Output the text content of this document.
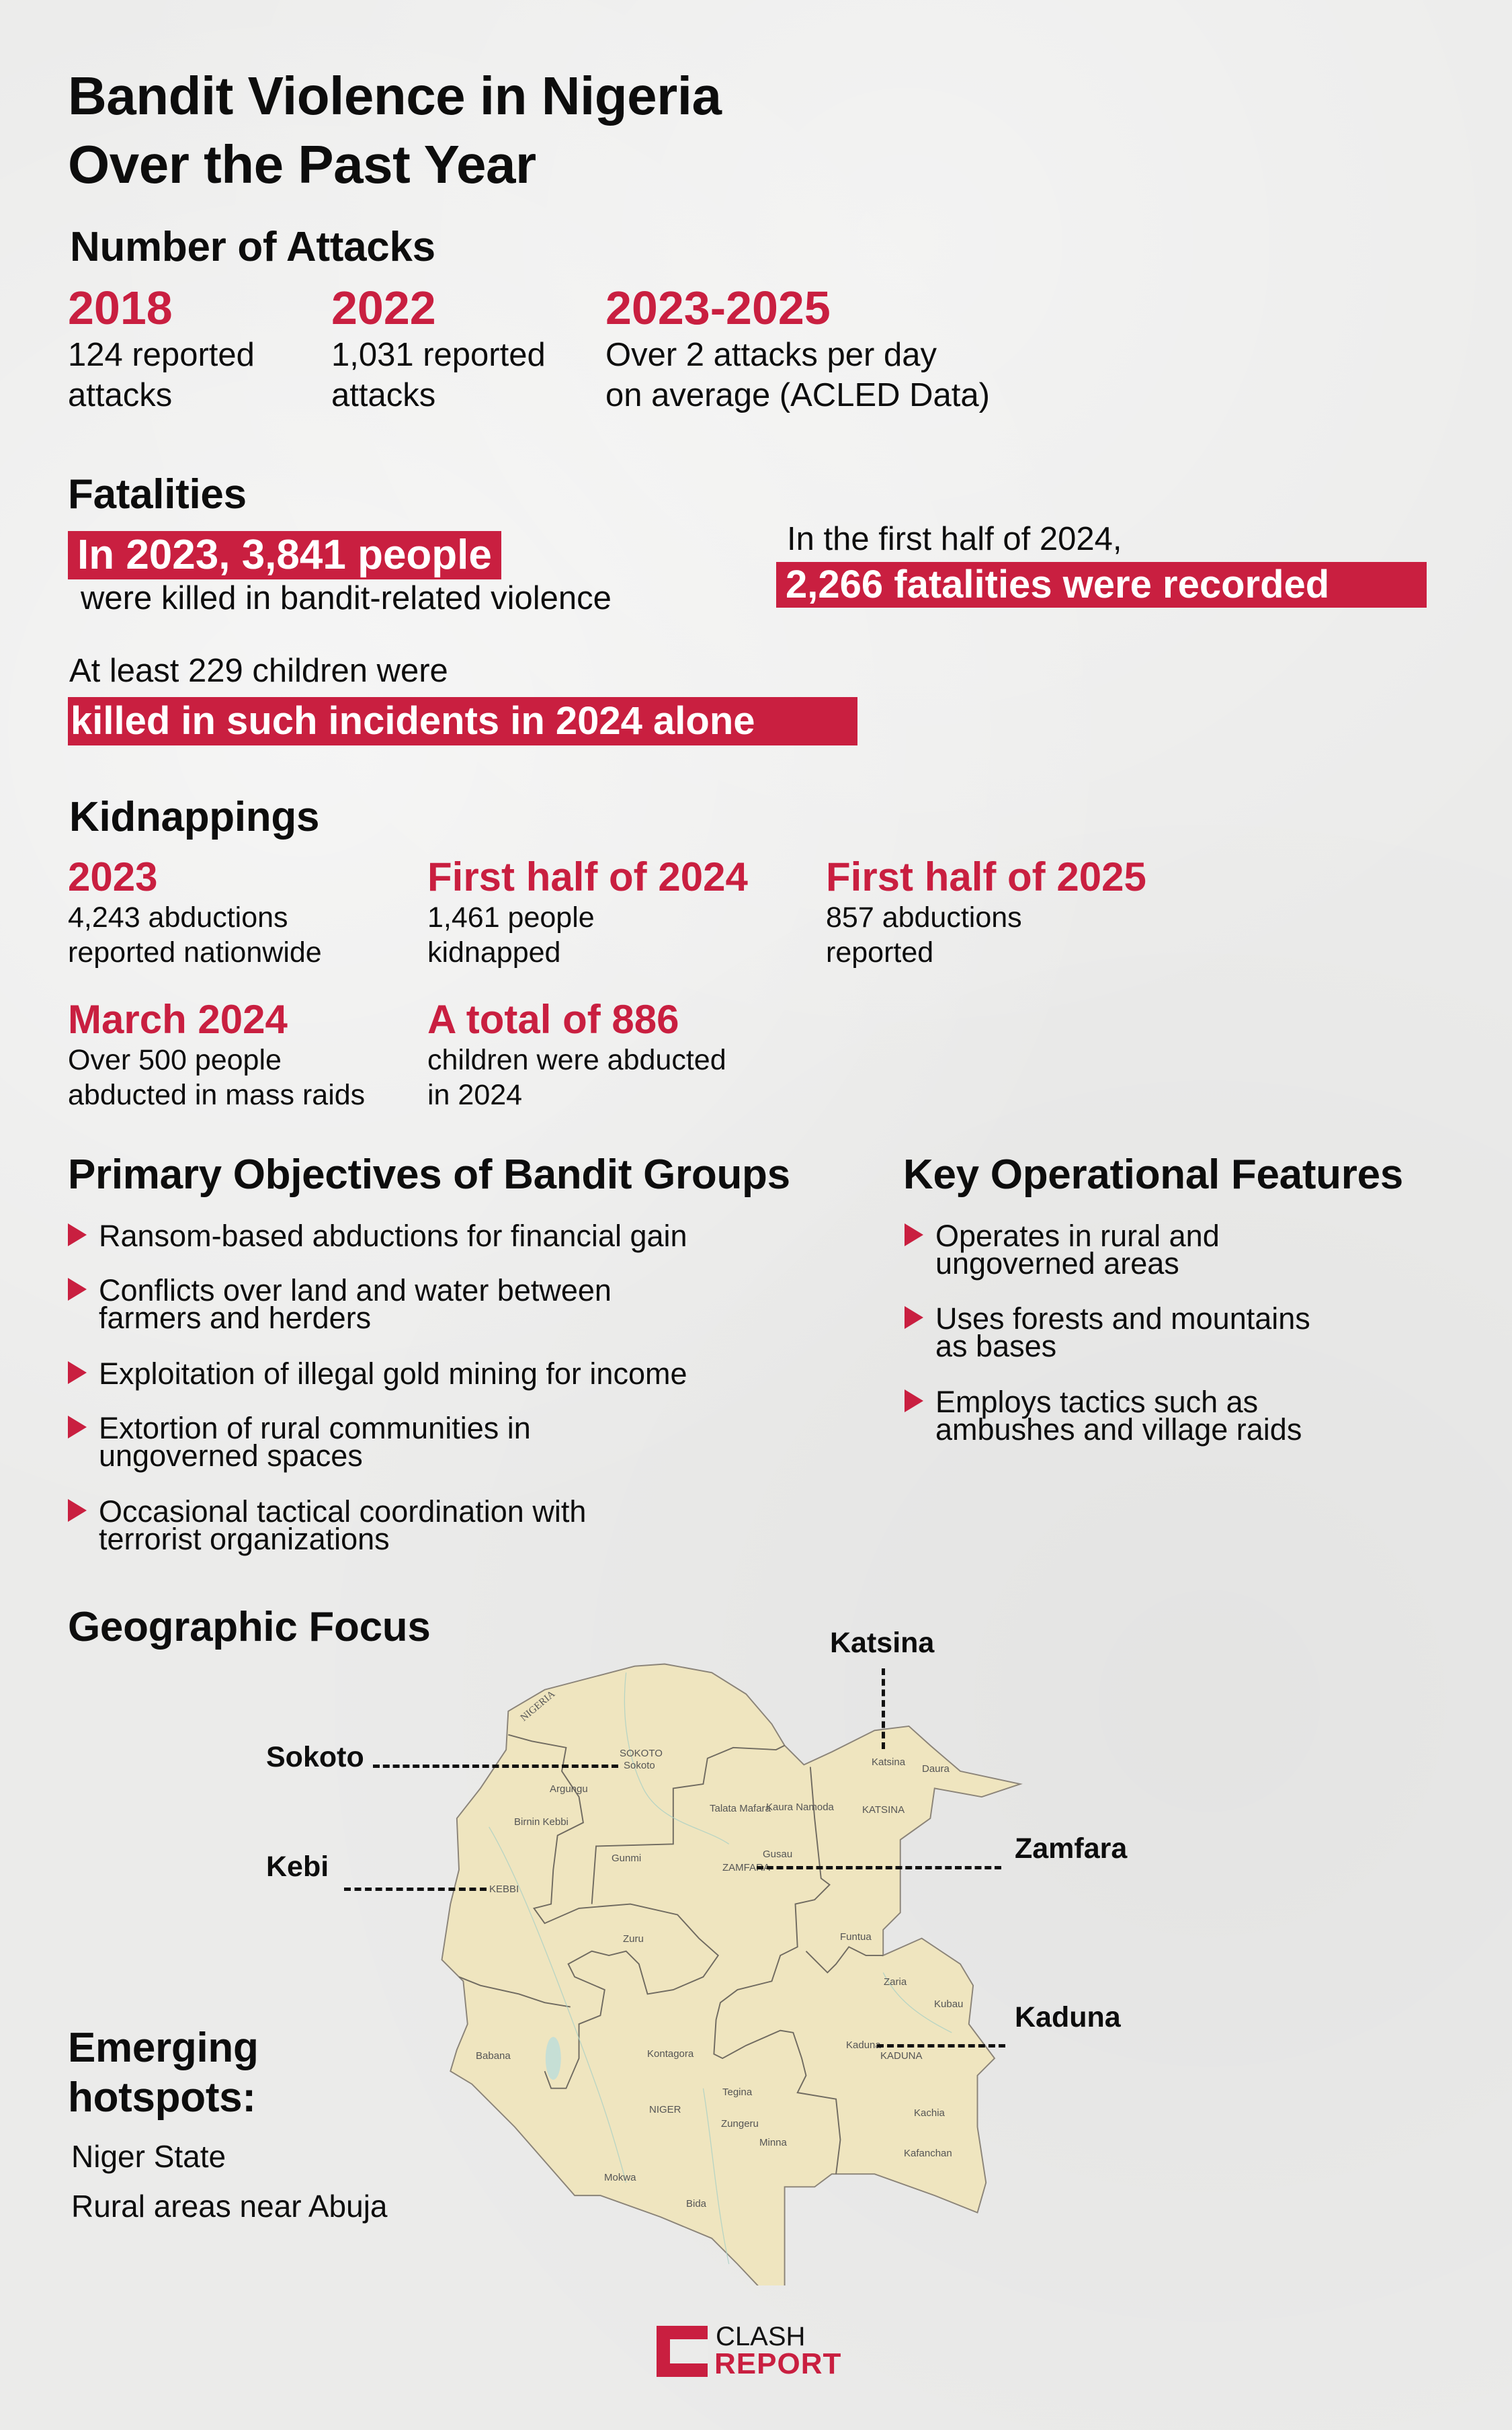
Bandit Violence in Nigeria
Over the Past Year
Number of Attacks
2018
124 reported
attacks
2022
1,031 reported
attacks
2023-2025
Over 2 attacks per day
on average (ACLED Data)
Fatalities
In 2023, 3,841 people
were killed in bandit-related violence
In the first half of 2024,
2,266 fatalities were recorded
At least 229 children were
killed in such incidents in 2024 alone
Kidnappings
2023
4,243 abductions
reported nationwide
First half of 2024
1,461 people
kidnapped
First half of 2025
857 abductions
reported
March 2024
Over 500 people
abducted in mass raids
A total of 886
children were abducted
in 2024
Primary Objectives of Bandit Groups
Ransom-based abductions for financial gain
Conflicts over land and water between
farmers and herders
Exploitation of illegal gold mining for income
Extortion of rural communities in
ungoverned spaces
Occasional tactical coordination with
terrorist organizations
Key Operational Features
Operates in rural and
ungoverned areas
Uses forests and mountains
as bases
Employs tactics such as
ambushes and village raids
Geographic Focus
NIGERIA
Sokoto
Argungu
Birnin Kebbi
Gunmi
Talata Mafara
Kaura Namoda
Gusau
ZAMFARA
Katsina
Daura
KATSINA
Funtua
Zuru
Zaria
Kubau
Kaduna
KADUNA
Babana	Kontagora
Tegina
NIGER
Zungeru
Minna
Kachia
Kafanchan
Mokwa
Bida
KEBBI
SOKOTO
Katsina
Sokoto
Kebi
Zamfara
Kaduna
Emerging
hotspots:
Niger State
Rural areas near Abuja
CLASH
REPORT
